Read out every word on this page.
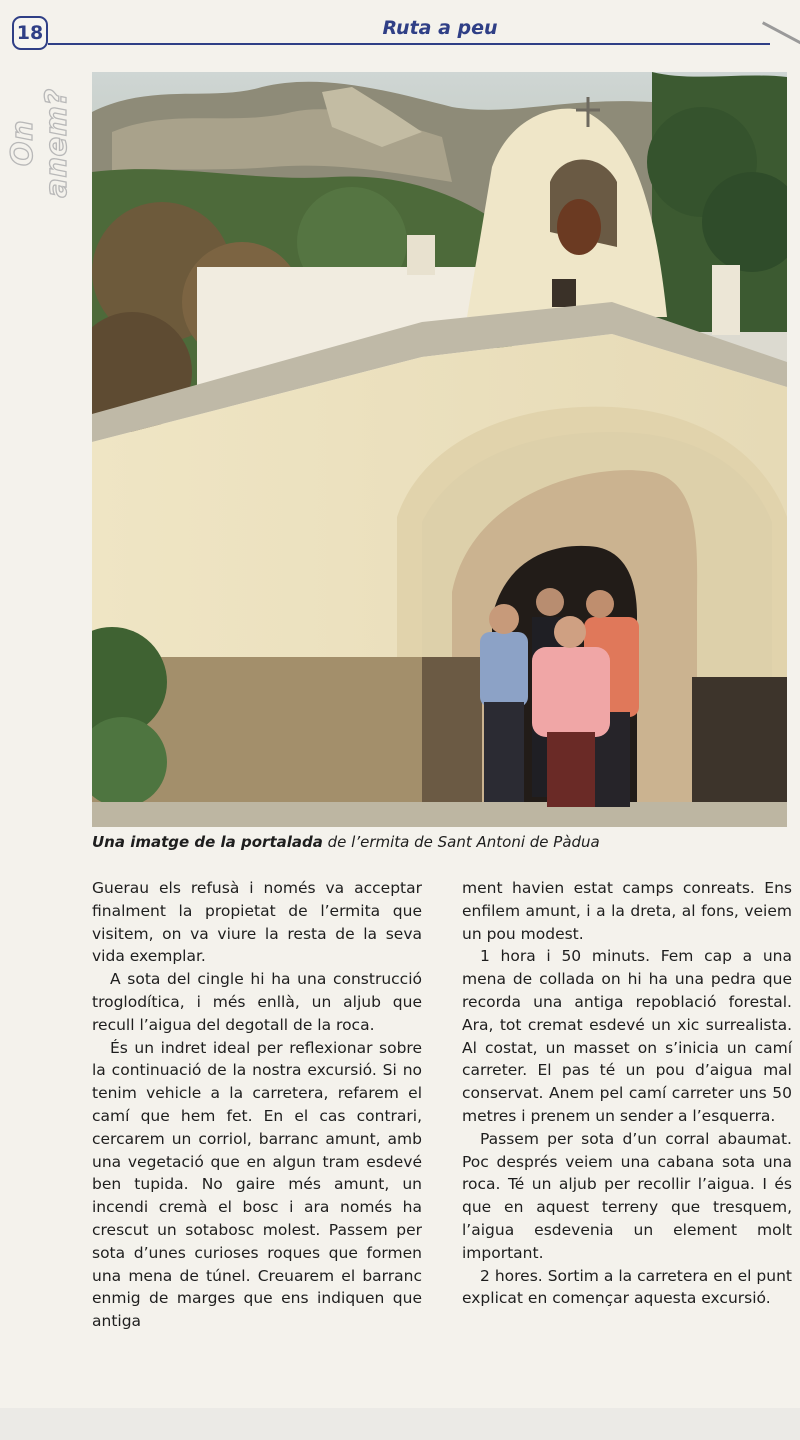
18	Ruta a peu
On anem?
Una imatge de la portalada de l’ermita de Sant Antoni de Pàdua

Guerau els refusà i només va acceptar finalment la propietat de l’ermita que visitem, on va viure la resta de la seva vida exemplar.

A sota del cingle hi ha una construcció troglodítica, i més enllà, un aljub que recull l’aigua del degotall de la roca.

És un indret ideal per reflexionar sobre la continuació de la nostra excursió. Si no tenim vehicle a la carretera, refarem el camí que hem fet. En el cas contrari, cercarem un corriol, barranc amunt, amb una vegetació que en algun tram esdevé ben tupida. No gaire més amunt, un incendi cremà el bosc i ara només ha crescut un sotabosc molest. Passem per sota d’unes curioses roques que formen una mena de túnel. Creuarem el barranc enmig de marges que ens indiquen que antiga

ment havien estat camps conreats. Ens enfilem amunt, i a la dreta, al fons, veiem un pou modest.

1 hora i 50 minuts. Fem cap a una mena de collada on hi ha una pedra que recorda una antiga repoblació forestal. Ara, tot cremat esdevé un xic surrealista. Al costat, un masset on s’inicia un camí carreter. El pas té un pou d’aigua mal conservat. Anem pel camí carreter uns 50 metres i prenem un sender a l’esquerra.

Passem per sota d’un corral abaumat. Poc després veiem una cabana sota una roca. Té un aljub per recollir l’aigua. I és que en aquest terreny que tresquem, l’aigua esdevenia un element molt important.

2 hores. Sortim a la carretera en el punt explicat en començar aquesta excursió.
